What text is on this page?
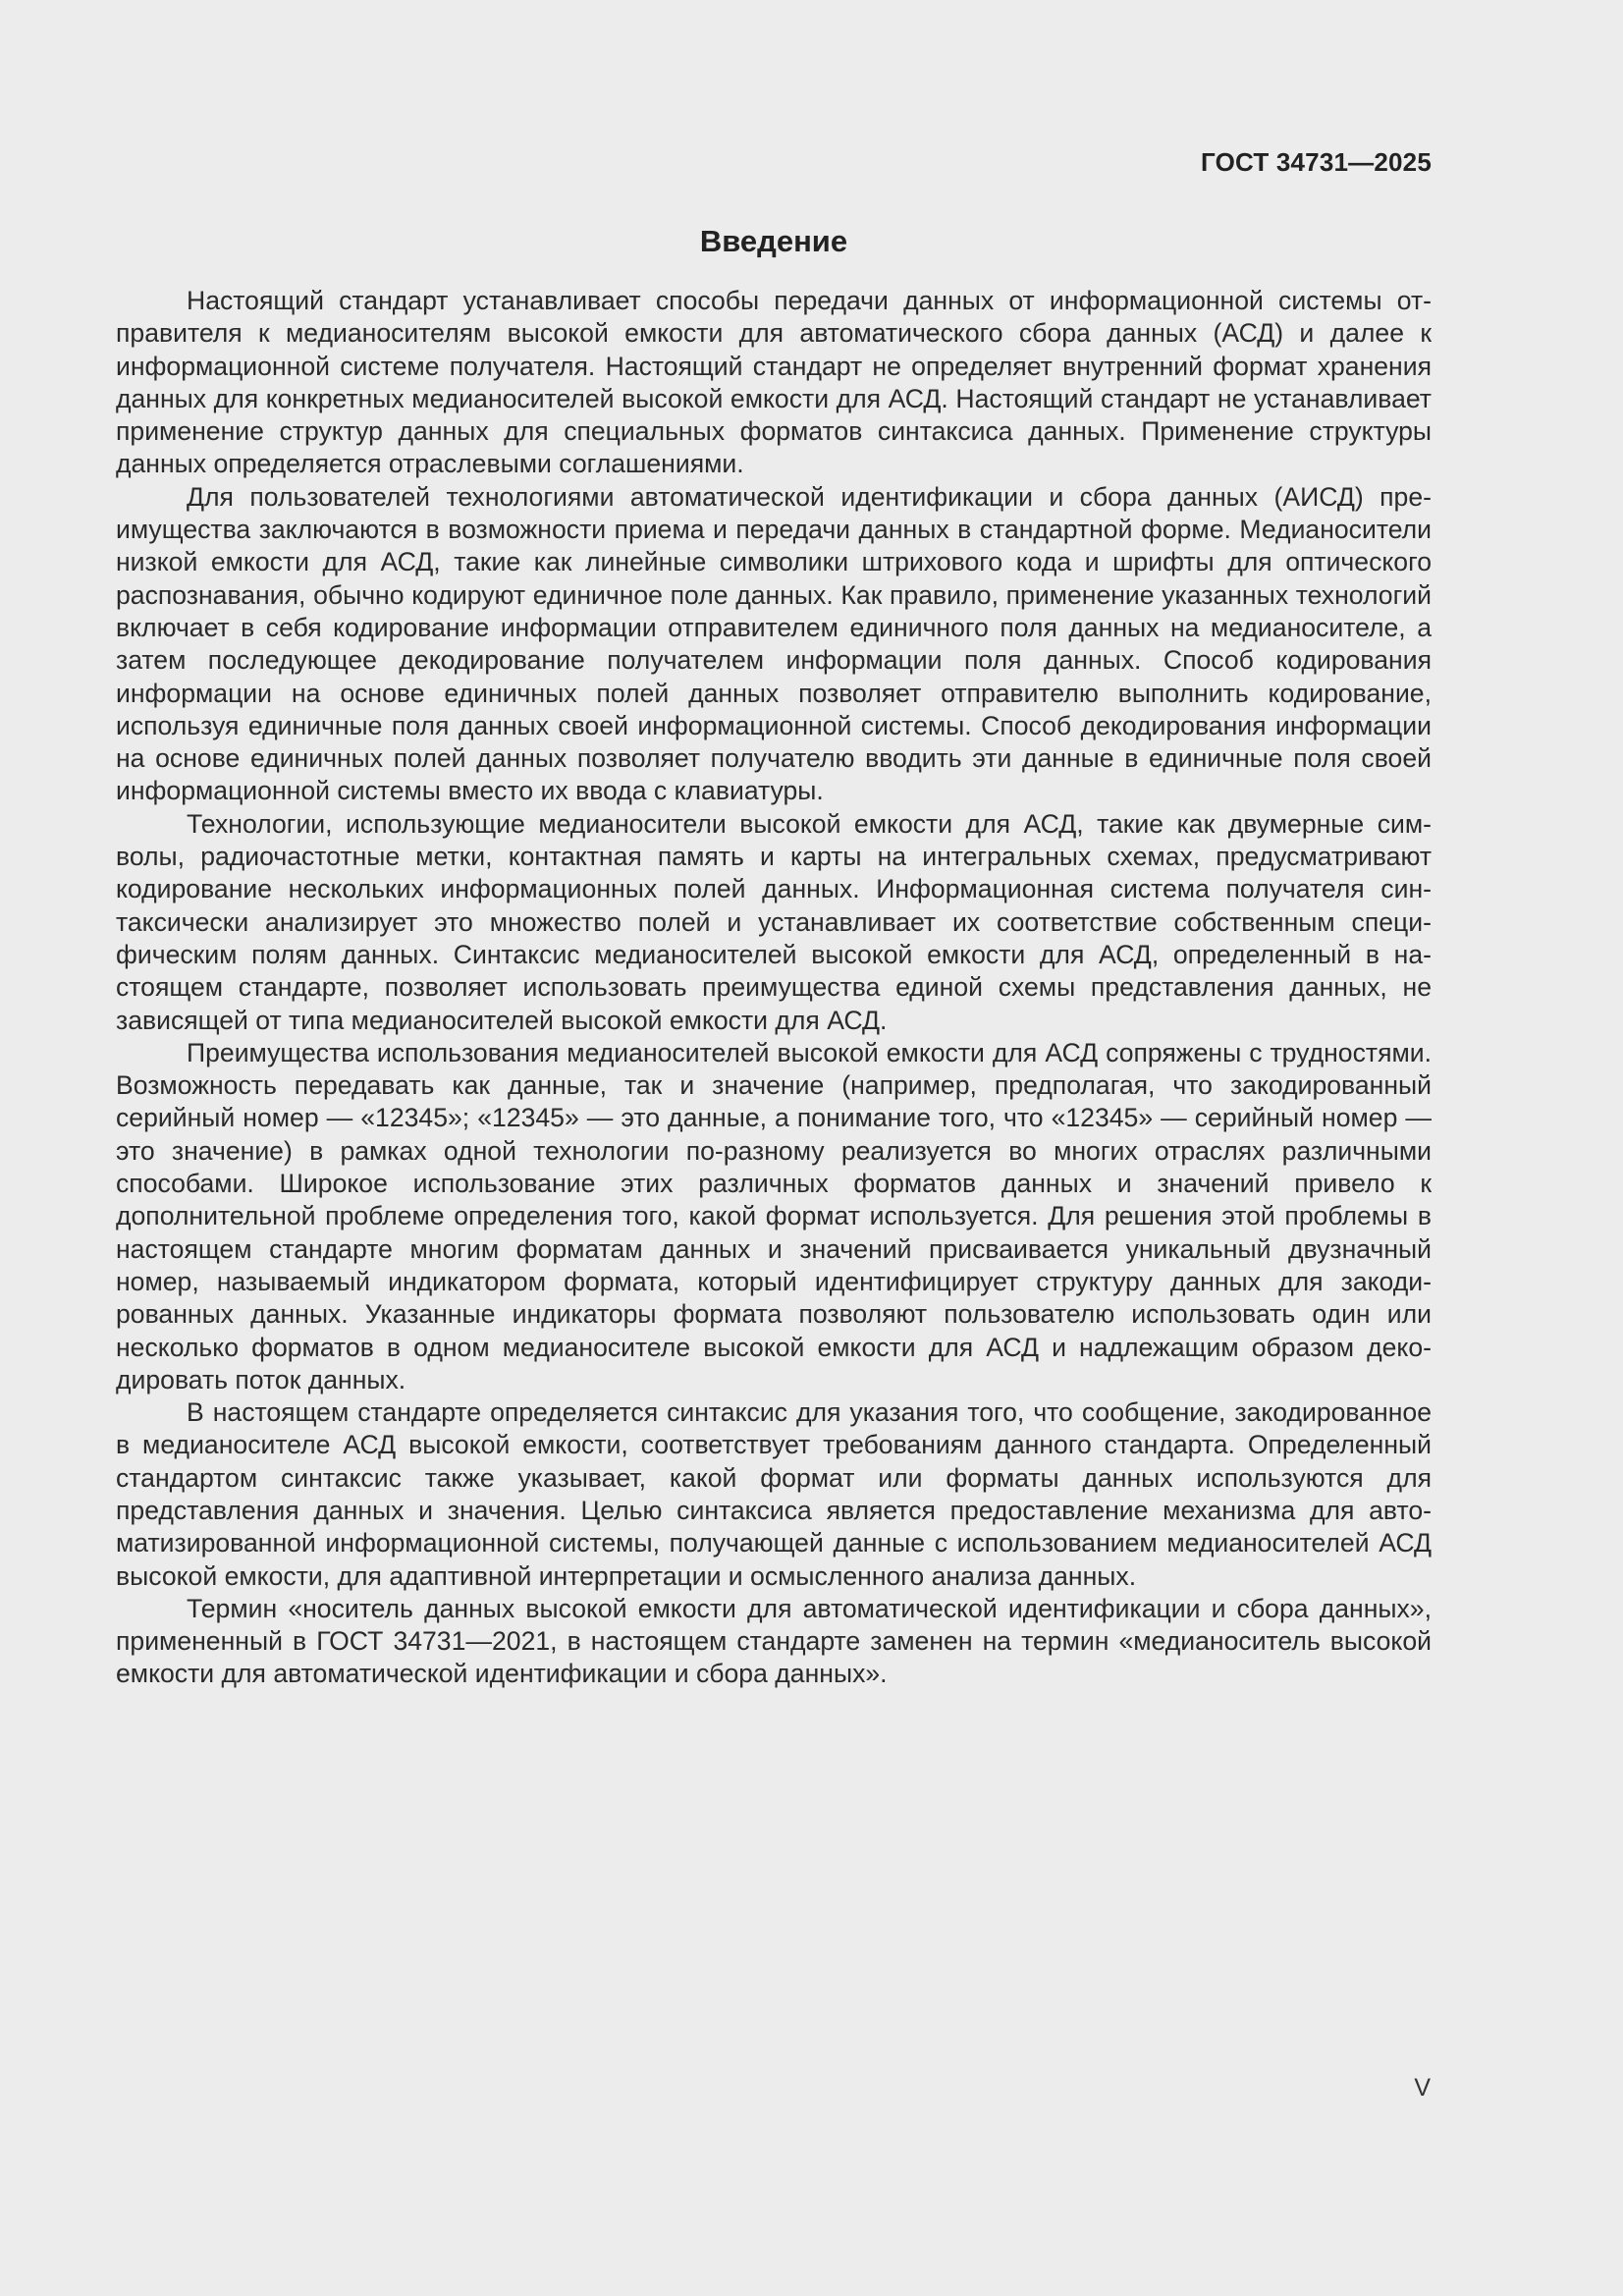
ГОСТ 34731—2025
Введение

Настоящий стандарт устанавливает способы передачи данных от информационной системы отправителя к медианосителям высокой емкости для автоматического сбора данных (АСД) и далее к информационной системе получателя. Настоящий стандарт не определяет внутренний формат хранения данных для конкретных медианосителей высокой емкости для АСД. Настоящий стандарт не устанавливает применение структур данных для специальных форматов синтаксиса данных. Применение структуры данных определяется отраслевыми соглашениями.

Для пользователей технологиями автоматической идентификации и сбора данных (АИСД) преимущества заключаются в возможности приема и передачи данных в стандартной форме. Медианосители низкой емкости для АСД, такие как линейные символики штрихового кода и шрифты для оптического распознавания, обычно кодируют единичное поле данных. Как правило, применение указанных технологий включает в себя кодирование информации отправителем единичного поля данных на медианосителе, а затем последующее декодирование получателем информации поля данных. Способ кодирования информации на основе единичных полей данных позволяет отправителю выполнить кодирование, используя единичные поля данных своей информационной системы. Способ декодирования информации на основе единичных полей данных позволяет получателю вводить эти данные в единичные поля своей информационной системы вместо их ввода с клавиатуры.

Технологии, использующие медианосители высокой емкости для АСД, такие как двумерные символы, радиочастотные метки, контактная память и карты на интегральных схемах, предусматривают кодирование нескольких информационных полей данных. Информационная система получателя синтаксически анализирует это множество полей и устанавливает их соответствие собственным специфическим полям данных. Синтаксис медианосителей высокой емкости для АСД, определенный в настоящем стандарте, позволяет использовать преимущества единой схемы представления данных, не зависящей от типа медианосителей высокой емкости для АСД.

Преимущества использования медианосителей высокой емкости для АСД сопряжены с трудностями. Возможность передавать как данные, так и значение (например, предполагая, что закодированный серийный номер — «12345»; «12345» — это данные, а понимание того, что «12345» — серийный номер — это значение) в рамках одной технологии по-разному реализуется во многих отраслях различными способами. Широкое использование этих различных форматов данных и значений привело к дополнительной проблеме определения того, какой формат используется. Для решения этой проблемы в настоящем стандарте многим форматам данных и значений присваивается уникальный двузначный номер, называемый индикатором формата, который идентифицирует структуру данных для закодированных данных. Указанные индикаторы формата позволяют пользователю использовать один или несколько форматов в одном медианосителе высокой емкости для АСД и надлежащим образом декодировать поток данных.

В настоящем стандарте определяется синтаксис для указания того, что сообщение, закодированное в медианосителе АСД высокой емкости, соответствует требованиям данного стандарта. Определенный стандартом синтаксис также указывает, какой формат или форматы данных используются для представления данных и значения. Целью синтаксиса является предоставление механизма для автоматизированной информационной системы, получающей данные с использованием медианосителей АСД высокой емкости, для адаптивной интерпретации и осмысленного анализа данных.

Термин «носитель данных высокой емкости для автоматической идентификации и сбора данных», примененный в ГОСТ 34731—2021, в настоящем стандарте заменен на термин «медианоситель высокой емкости для автоматической идентификации и сбора данных».

V
